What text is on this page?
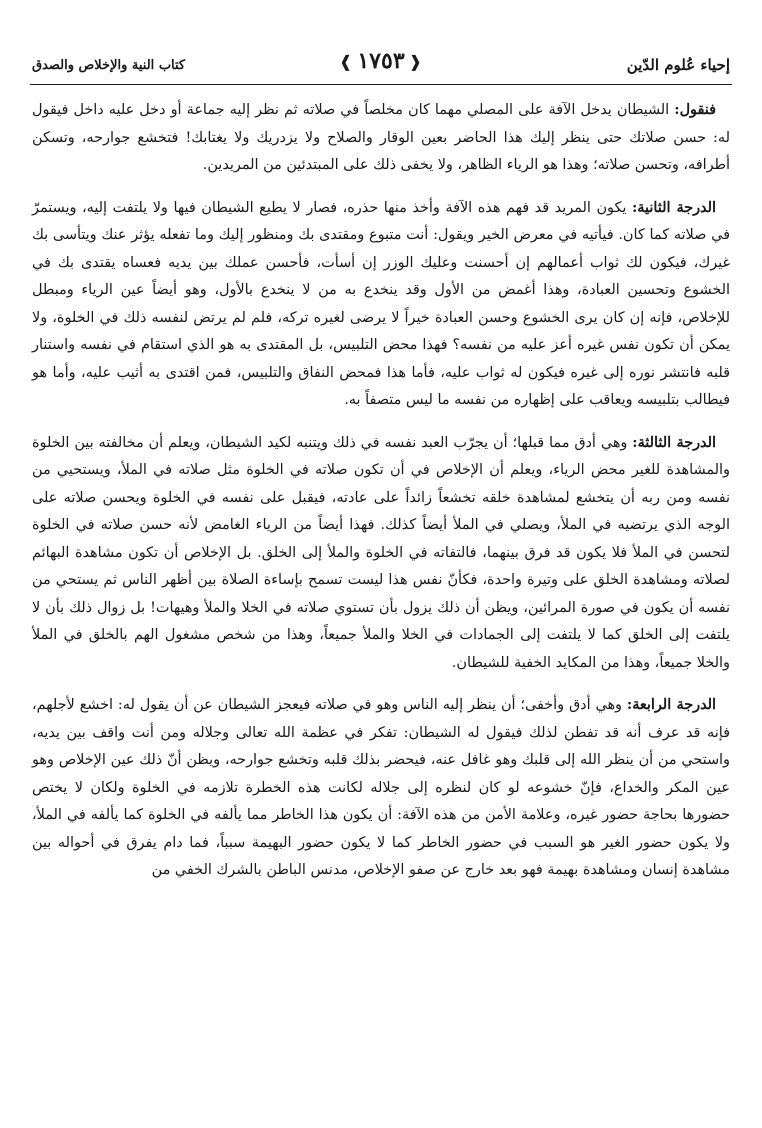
إحياء عُلوم الدّين
❰ ١٧٥٣ ❱
كتاب النية والإخلاص والصدق

فنقول: الشيطان يدخل الآفة على المصلي مهما كان مخلصاً في صلاته ثم نظر إليه جماعة أو دخل عليه داخل فيقول له: حسن صلاتك حتى ينظر إليك هذا الحاضر بعين الوقار والصلاح ولا يزدريك ولا يغتابك! فتخشع جوارحه، وتسكن أطرافه، وتحسن صلاته؛ وهذا هو الرياء الظاهر، ولا يخفى ذلك على المبتدئين من المريدين.

الدرجة الثانية: يكون المريد قد فهم هذه الآفة وأخذ منها حذره، فصار لا يطيع الشيطان فيها ولا يلتفت إليه، ويستمرّ في صلاته كما كان. فيأتيه في معرض الخير ويقول: أنت متبوع ومقتدى بك ومنظور إليك وما تفعله يؤثر عنك ويتأسى بك غيرك، فيكون لك ثواب أعمالهم إن أحسنت وعليك الوزر إن أسأت، فأحسن عملك بين يديه فعساه يقتدى بك في الخشوع وتحسين العبادة، وهذا أغمض من الأول وقد ينخدع به من لا ينخدع بالأول، وهو أيضاً عين الرياء ومبطل للإخلاص، فإنه إن كان يرى الخشوع وحسن العبادة خيراً لا يرضى لغيره تركه، فلم لم يرتض لنفسه ذلك في الخلوة، ولا يمكن أن تكون نفس غيره أعز عليه من نفسه؟ فهذا محض التلبيس، بل المقتدى به هو الذي استقام في نفسه واستنار قلبه فانتشر نوره إلى غيره فيكون له ثواب عليه، فأما هذا فمحض النفاق والتلبيس، فمن اقتدى به أثيب عليه، وأما هو فيطالب بتلبيسه ويعاقب على إظهاره من نفسه ما ليس متصفاً به.

الدرجة الثالثة: وهي أدق مما قبلها؛ أن يجرّب العبد نفسه في ذلك ويتنبه لكيد الشيطان، ويعلم أن مخالفته بين الخلوة والمشاهدة للغير محض الرياء، ويعلم أن الإخلاص في أن تكون صلاته في الخلوة مثل صلاته في الملأ، ويستحيي من نفسه ومن ربه أن يتخشع لمشاهدة خلقه تخشعاً زائداً على عادته، فيقبل على نفسه في الخلوة ويحسن صلاته على الوجه الذي يرتضيه في الملأ، ويصلي في الملأ أيضاً كذلك. فهذا أيضاً من الرياء الغامض لأنه حسن صلاته في الخلوة لتحسن في الملأ فلا يكون قد فرق بينهما، فالتفاته في الخلوة والملأ إلى الخلق. بل الإخلاص أن تكون مشاهدة البهائم لصلاته ومشاهدة الخلق على وتيرة واحدة، فكأنّ نفس هذا ليست تسمح بإساءة الصلاة بين أظهر الناس ثم يستحي من نفسه أن يكون في صورة المرائين، ويظن أن ذلك يزول بأن تستوي صلاته في الخلا والملأ وهيهات! بل زوال ذلك بأن لا يلتفت إلى الخلق كما لا يلتفت إلى الجمادات في الخلا والملأ جميعاً، وهذا من شخص مشغول الهم بالخلق في الملأ والخلا جميعاً، وهذا من المكايد الخفية للشيطان.

الدرجة الرابعة: وهي أدق وأخفى؛ أن ينظر إليه الناس وهو في صلاته فيعجز الشيطان عن أن يقول له: اخشع لأجلهم، فإنه قد عرف أنه قد تفطن لذلك فيقول له الشيطان: تفكر في عظمة الله تعالى وجلاله ومن أنت واقف بين يديه، واستحي من أن ينظر الله إلى قلبك وهو غافل عنه، فيحضر بذلك قلبه وتخشع جوارحه، ويظن أنّ ذلك عين الإخلاص وهو عين المكر والخداع، فإنّ خشوعه لو كان لنظره إلى جلاله لكانت هذه الخطرة تلازمه في الخلوة ولكان لا يختص حضورها بحاجة حضور غيره، وعلامة الأمن من هذه الآفة: أن يكون هذا الخاطر مما يألفه في الخلوة كما يألفه في الملأ، ولا يكون حضور الغير هو السبب في حضور الخاطر كما لا يكون حضور البهيمة سبباً، فما دام يفرق في أحواله بين مشاهدة إنسان ومشاهدة بهيمة فهو بعد خارج عن صفو الإخلاص، مدنس الباطن بالشرك الخفي من
